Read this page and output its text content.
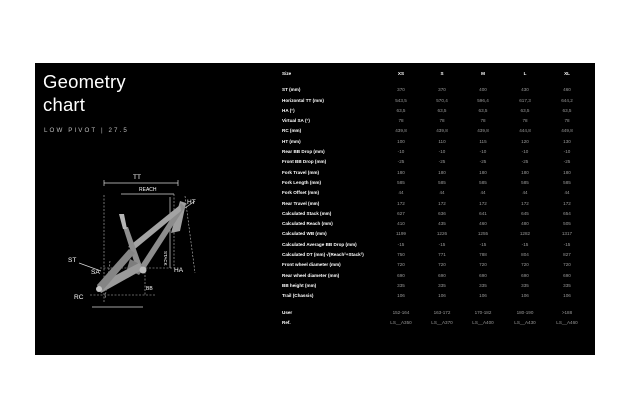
Geometry
chart
LOW PIVOT | 27.5
TT
REACH
HT
STACK
ST
SA	HA
BB
RC
Size	XS	S	M	L	XL

ST (mm)	370	370	400	430	460
Horizontal TT (mm)	543,5	570,4	596,4	617,3	644,2
HA (°)	63,5	63,5	63,5	63,5	63,5
Virtual SA (°)	78	78	78	78	78
RC (mm)	439,8	439,8	439,8	444,8	449,8
HT (mm)	100	110	115	120	130
Rear BB Drop (mm)	-10	-10	-10	-10	-10
Front BB Drop (mm)	-25	-25	-25	-25	-25
Fork Travel (mm)	180	180	180	180	180
Fork Length (mm)	585	585	585	585	585
Fork Offset (mm)	44	44	44	44	44
Rear Travel (mm)	172	172	172	172	172
Calculated Stack (mm)	627	636	641	645	654
Calculated Reach (mm)	410	435	460	480	505
Calculated WB (mm)	1199	1226	1255	1282	1317
Calculated Average BB Drop (mm)	-15	-15	-15	-15	-15
Calculated DT (mm) √(Reach²+Stack²)	750	771	788	804	827
Front wheel diameter (mm)	720	720	720	720	720
Rear wheel diameter (mm)	690	690	690	690	690
BB height (mm)	335	335	335	335	335
Trail (Chassis)	106	106	106	106	106

User	152-164	163-172	170-182	180-190	>188
Ref.	LS__A350	LS__A370	LS__A400	LS__A430	LS__A460
